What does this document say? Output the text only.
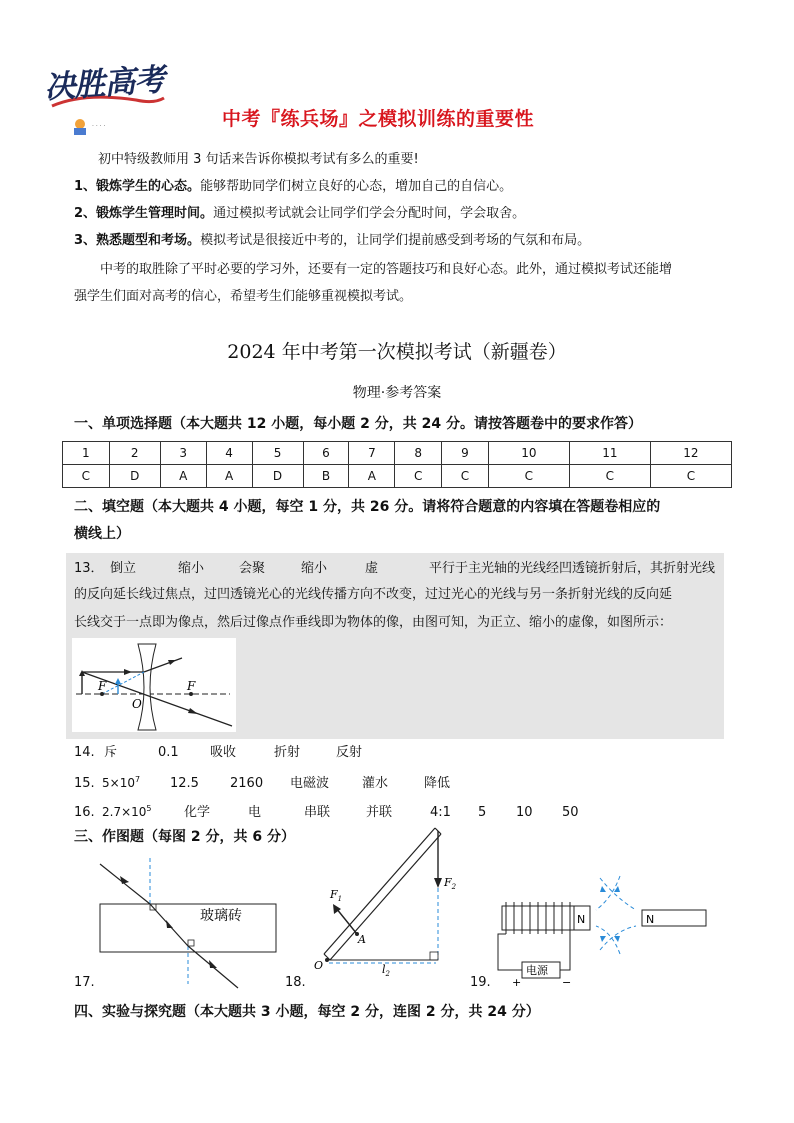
· · · ·
决胜高考
中考『练兵场』之模拟训练的重要性
初中特级教师用 3 句话来告诉你模拟考试有多么的重要!
1、锻炼学生的心态。能够帮助同学们树立良好的心态，增加自己的自信心。
2、锻炼学生管理时间。通过模拟考试就会让同学们学会分配时间，学会取舍。
3、熟悉题型和考场。模拟考试是很接近中考的，让同学们提前感受到考场的气氛和布局。
中考的取胜除了平时必要的学习外，还要有一定的答题技巧和良好心态。此外，通过模拟考试还能增
强学生们面对高考的信心，希望考生们能够重视模拟考试。
2024 年中考第一次模拟考试（新疆卷）
物理·参考答案
一、单项选择题（本大题共 12 小题，每小题 2 分，共 24 分。请按答题卷中的要求作答）
1	2	3	4	5	6	7	8	9	10	11	12
C	D	A	A	D	B	A	C	C	C	C	C
二、填空题（本大题共 4 小题，每空 1 分，共 26 分。请将符合题意的内容填在答题卷相应的
横线上）
13． 倒立	缩小	会聚	缩小	虚	平行于主光轴的光线经凹透镜折射后，其折射光线
的反向延长线过焦点，过凹透镜光心的光线传播方向不改变，过过光心的光线与另一条折射光线的反向延
长线交于一点即为像点，然后过像点作垂线即为物体的像，由图可知，为正立、缩小的虚像，如图所示：
F	F
O
14. 斥	0.1 吸收	折射	反射
15. $5\times 10^7$ 12.5 2160 电磁波	灌水	降低
16. $2.7\times 10^5$ 化学	电	串联	并联	4:1 5 10 50
三、作图题（每图 2 分，共 6 分）
玻璃砖
17.
$F_1$
$F_2$
A
O	$l_2$
18.
电源
+	−
N	N
19.
四、实验与探究题（本大题共 3 小题，每空 2 分，连图 2 分，共 24 分）
